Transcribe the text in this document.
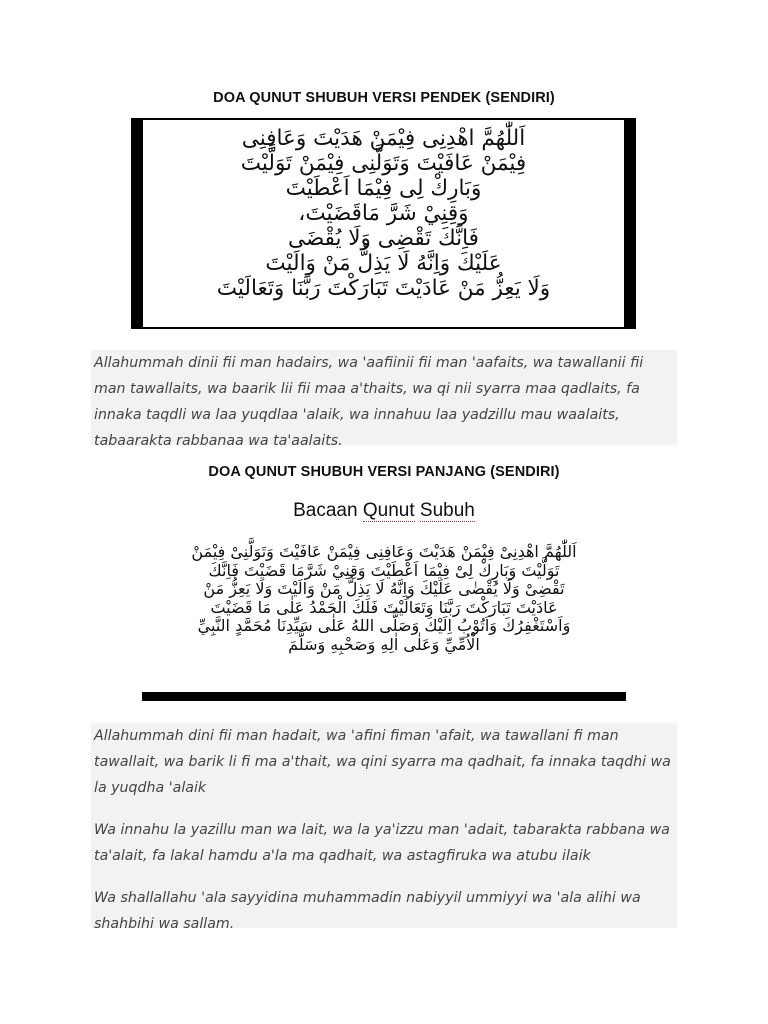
DOA QUNUT SHUBUH VERSI PENDEK (SENDIRI)
اَللّٰهُمَّ اهْدِنِى فِيْمَنْ هَدَيْتَ وَعَافِنِى
فِيْمَنْ عَافَيْتَ وَتَوَلَّنِى فِيْمَنْ تَوَلَّيْتَ
وَبَارِكْ لِى فِيْمَا اَعْطَيْتَ
وَقِنِيْ شَرَّ مَاقَضَيْتَ،
فَاِنَّكَ تَقْضِى وَلَا يُقْضَى
عَلَيْكَ وَاِنَّهُ لَا يَذِلُّ مَنْ وَالَيْتَ
وَلَا يَعِزُّ مَنْ عَادَيْتَ تَبَارَكْتَ رَبَّنَا وَتَعَالَيْتَ
Allahummah dinii fii man hadairs, wa 'aafiinii fii man 'aafaits, wa tawallanii fii man tawallaits, wa baarik lii fii maa a'thaits, wa qi nii syarra maa qadlaits, fa innaka taqdli wa laa yuqdlaa 'alaik, wa innahuu laa yadzillu mau waalaits, tabaarakta rabbanaa wa ta'aalaits.
DOA QUNUT SHUBUH VERSI PANJANG (SENDIRI)
Bacaan Qunut Subuh
اَللّٰهُمَّ اهْدِنِىْ فِيْمَنْ هَدَيْتَ وَعَافِنِى فِيْمَنْ عَافَيْتَ وَتَوَلَّنِىْ فِيْمَنْ
تَوَلَّيْتَ وَبَارِكْ لِىْ فِيْمَا اَعْطَيْتَ وَقِنِيْ شَرَّمَا قَضَيْتَ فَاِنَّكَ
تَقْضِىْ وَلَا يُقْضٰى عَلَيْكَ وَاِنَّهُ لَا يَذِلُّ مَنْ وَالَيْتَ وَلَا يَعِزُّ مَنْ
عَادَيْتَ تَبَارَكْتَ رَبَّنَا وَتَعَالَيْتَ فَلَكَ الْحَمْدُ عَلٰى مَا قَضَيْتَ
وَاَسْتَغْفِرُكَ وَاَتُوْبُ اِلَيْكَ وَصَلَّى اللهُ عَلٰى سَيِّدِنَا مُحَمَّدٍ النَّبِيِّ
الْاُمِّيِّ وَعَلٰى اٰلِهِ وَصَحْبِهِ وَسَلَّمَ

Allahummah dini fii man hadait, wa 'afini fiman 'afait, wa tawallani fi man tawallait, wa barik li fi ma a'thait, wa qini syarra ma qadhait, fa innaka taqdhi wa la yuqdha 'alaik

Wa innahu la yazillu man wa lait, wa la ya'izzu man 'adait, tabarakta rabbana wa ta'alait, fa lakal hamdu a'la ma qadhait, wa astagfiruka wa atubu ilaik

Wa shallallahu 'ala sayyidina muhammadin nabiyyil ummiyyi wa 'ala alihi wa shahbihi wa sallam.
